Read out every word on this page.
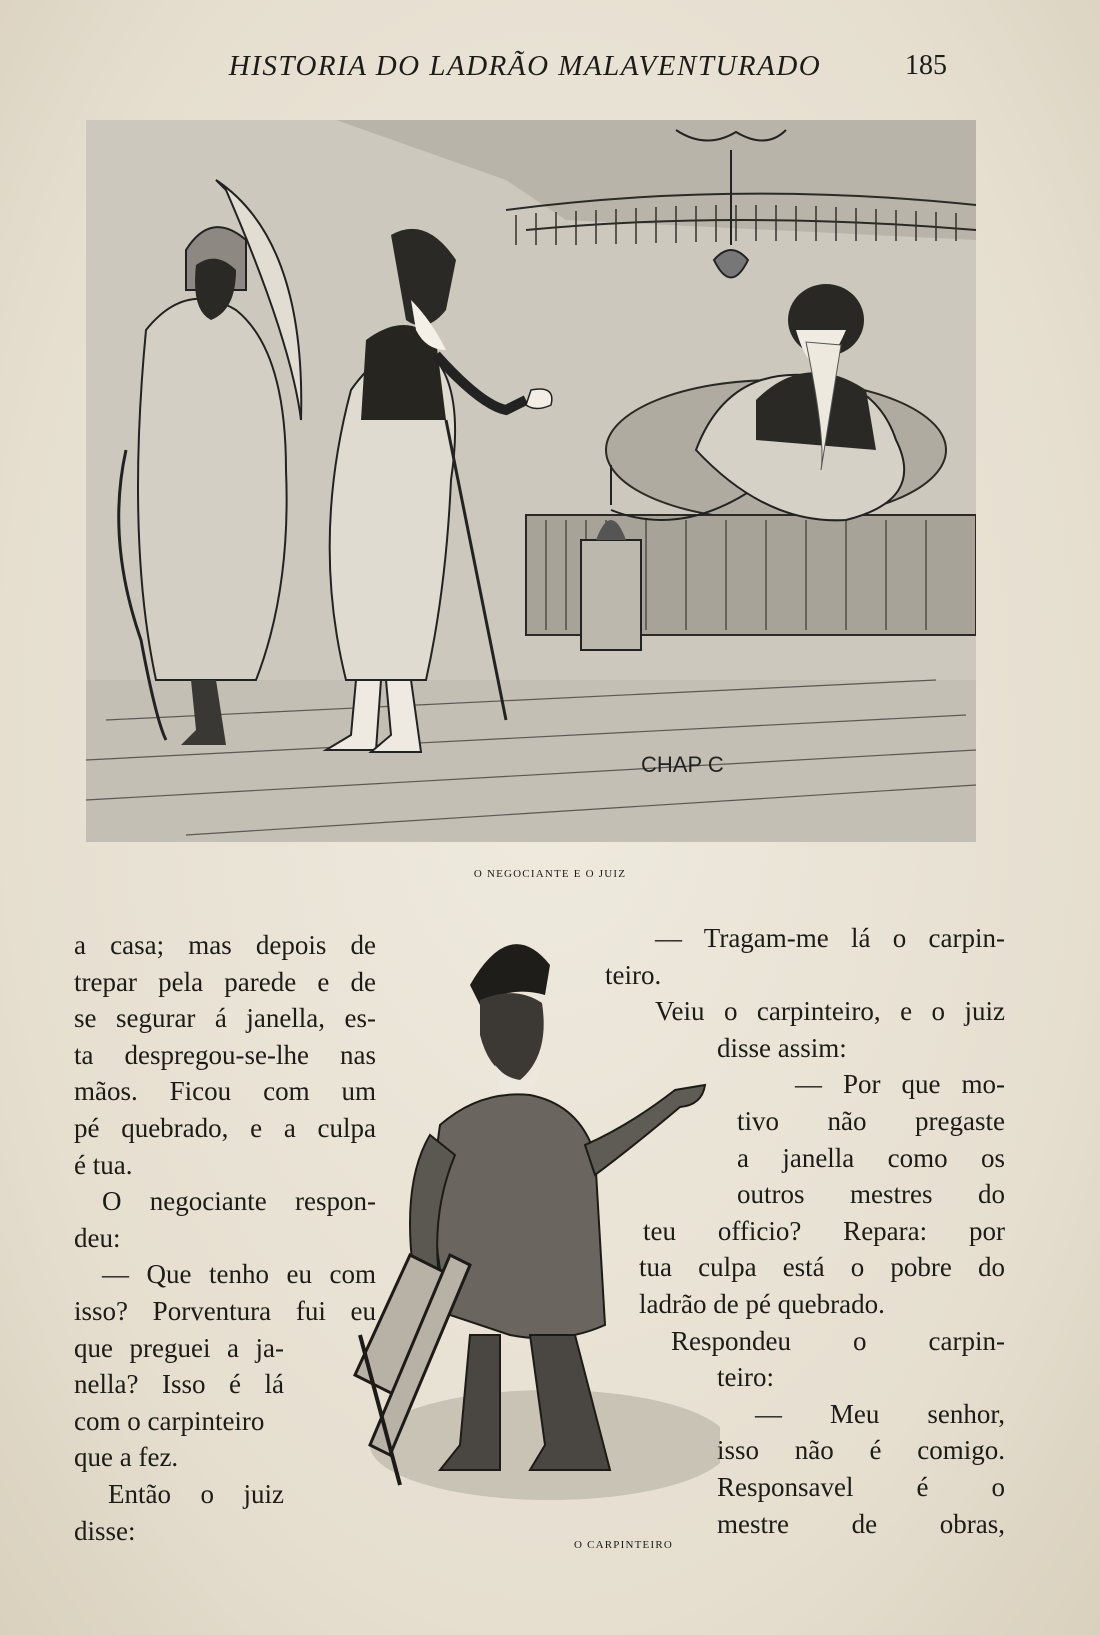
HISTORIA DO LADRÃO MALAVENTURADO	185
CHAP C
O NEGOCIANTE E O JUIZ

a casa; mas depois de

trepar pela parede e de

se segurar á janella, es-

ta despregou-se-lhe nas

mãos. Ficou com um

pé quebrado, e a culpa

é tua.

O negociante respon-

deu:

— Que tenho eu com

isso? Porventura fui eu

que preguei a ja-

nella? Isso é lá

com o carpinteiro

que a fez.

Então o juiz

disse:	O CARPINTEIRO

— Tragam-me lá o carpin-

teiro.

Veiu o carpinteiro, e o juiz

disse assim:

— Por que mo-

tivo não pregaste

a janella como os

outros mestres do

teu officio? Repara: por

tua culpa está o pobre do

ladrão de pé quebrado.

Respondeu o carpin-

teiro:

— Meu senhor,

isso não é comigo.

Responsavel é o

mestre de obras,
